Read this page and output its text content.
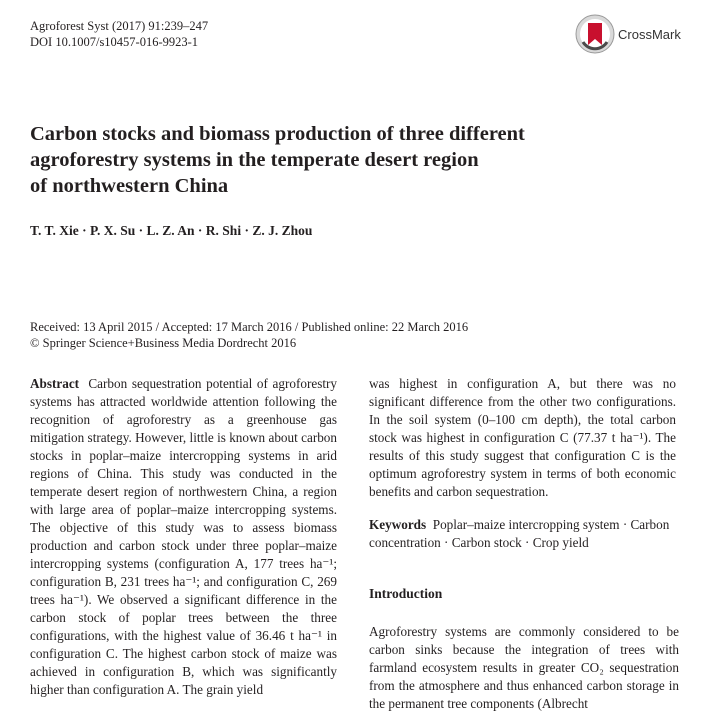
Agroforest Syst (2017) 91:239–247
DOI 10.1007/s10457-016-9923-1
CrossMark
Carbon stocks and biomass production of three different
agroforestry systems in the temperate desert region
of northwestern China
T. T. Xie · P. X. Su · L. Z. An · R. Shi · Z. J. Zhou
Received: 13 April 2015 / Accepted: 17 March 2016 / Published online: 22 March 2016
© Springer Science+Business Media Dordrecht 2016

Abstract Carbon sequestration potential of agroforestry systems has attracted worldwide attention following the recognition of agroforestry as a greenhouse gas mitigation strategy. However, little is known about carbon stocks in poplar–maize intercropping systems in arid regions of China. This study was conducted in the temperate desert region of northwestern China, a region with large area of poplar–maize intercropping systems. The objective of this study was to assess biomass production and carbon stock under three poplar–maize intercropping systems (configuration A, 177 trees ha⁻¹; configuration B, 231 trees ha⁻¹; and configuration C, 269 trees ha⁻¹). We observed a significant difference in the carbon stock of poplar trees between the three configurations, with the highest value of 36.46 t ha⁻¹ in configuration C. The highest carbon stock of maize was achieved in configuration B, which was significantly higher than configuration A. The grain yield

was highest in configuration A, but there was no significant difference from the other two configurations. In the soil system (0–100 cm depth), the total carbon stock was highest in configuration C (77.37 t ha⁻¹). The results of this study suggest that configuration C is the optimum agroforestry system in terms of both economic benefits and carbon sequestration.

Keywords Poplar–maize intercropping system · Carbon concentration · Carbon stock · Crop yield
Introduction

Agroforestry systems are commonly considered to be carbon sinks because the integration of trees with farmland ecosystem results in greater CO₂ sequestration from the atmosphere and thus enhanced carbon storage in the permanent tree components (Albrecht
